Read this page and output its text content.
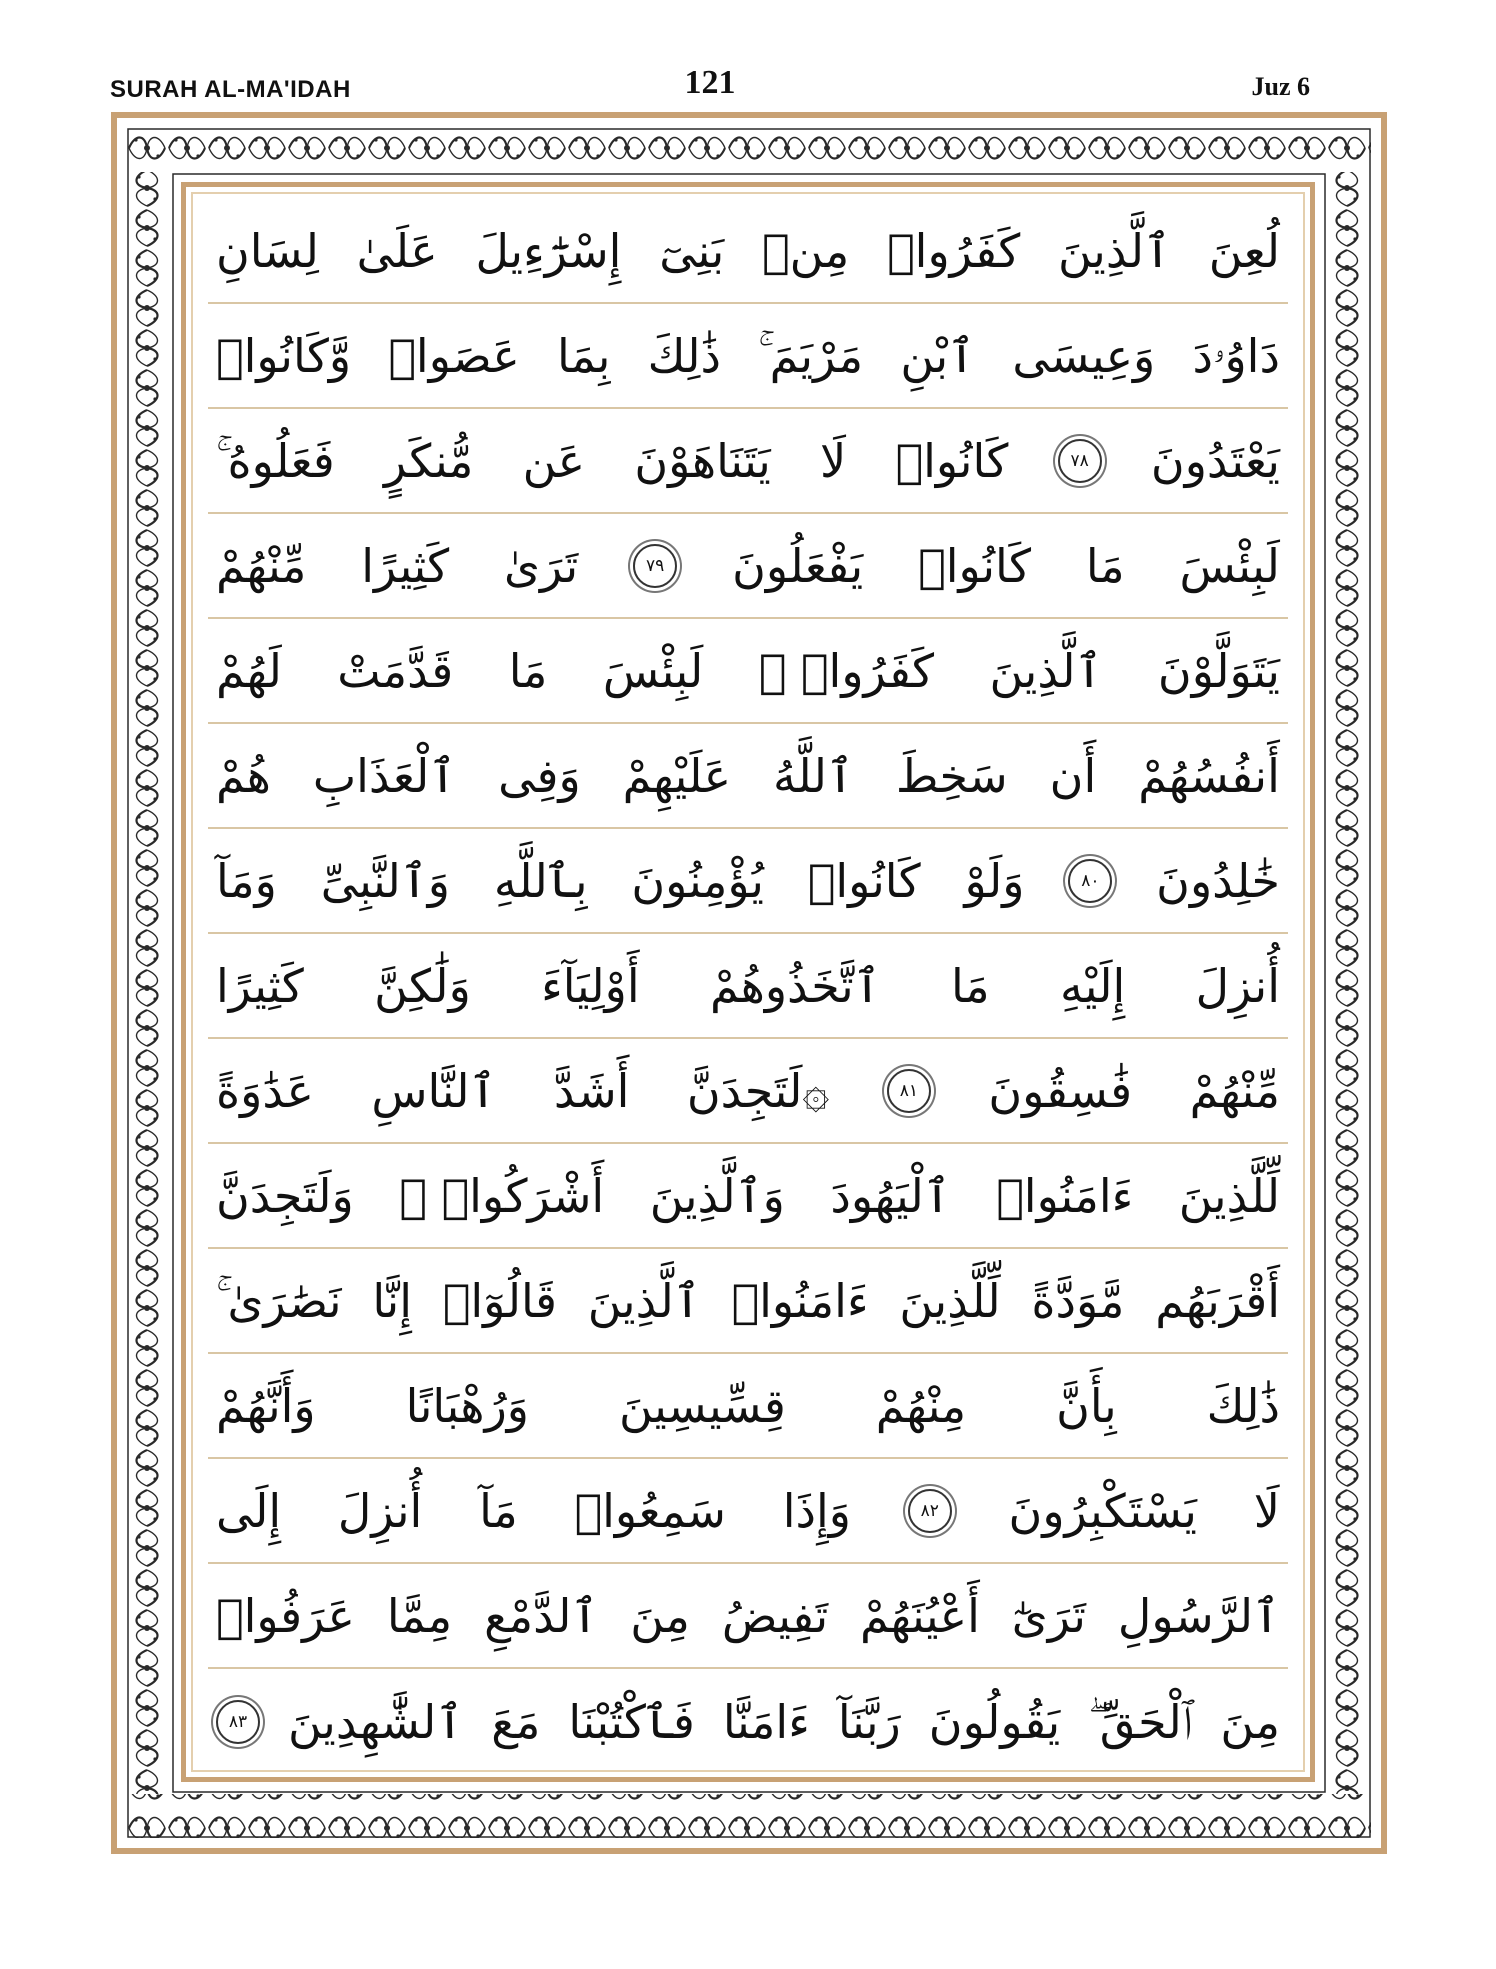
SURAH AL-MA'IDAH	121	Juz 6
لُعِنَ
ٱلَّذِينَ
كَفَرُوا۟
مِنۢ
بَنِىٓ
إِسْرَٰٓءِيلَ
عَلَىٰ
لِسَانِ
دَاوُۥدَ
وَعِيسَى
ٱبْنِ
مَرْيَمَ ۚ
ذَٰلِكَ
بِمَا
عَصَوا۟
وَّكَانُوا۟
يَعْتَدُونَ
٧٨
كَانُوا۟
لَا
يَتَنَاهَوْنَ
عَن
مُّنكَرٍ
فَعَلُوهُ ۚ
لَبِئْسَ
مَا
كَانُوا۟
يَفْعَلُونَ
٧٩
تَرَىٰ
كَثِيرًا
مِّنْهُمْ
يَتَوَلَّوْنَ
ٱلَّذِينَ
كَفَرُوا۟ ۚ
لَبِئْسَ
مَا
قَدَّمَتْ
لَهُمْ
أَنفُسُهُمْ
أَن
سَخِطَ
ٱللَّهُ
عَلَيْهِمْ
وَفِى
ٱلْعَذَابِ
هُمْ
خَٰلِدُونَ
٨٠
وَلَوْ
كَانُوا۟
يُؤْمِنُونَ
بِٱللَّهِ
وَٱلنَّبِىِّ
وَمَآ
أُنزِلَ
إِلَيْهِ
مَا
ٱتَّخَذُوهُمْ
أَوْلِيَآءَ
وَلَٰكِنَّ
كَثِيرًا
مِّنْهُمْ
فَٰسِقُونَ
٨١
۞لَتَجِدَنَّ
أَشَدَّ
ٱلنَّاسِ
عَدَٰوَةً
لِّلَّذِينَ
ءَامَنُوا۟
ٱلْيَهُودَ
وَٱلَّذِينَ
أَشْرَكُوا۟ ۖ
وَلَتَجِدَنَّ
أَقْرَبَهُم
مَّوَدَّةً
لِّلَّذِينَ
ءَامَنُوا۟
ٱلَّذِينَ
قَالُوٓا۟
إِنَّا
نَصَٰرَىٰ ۚ
ذَٰلِكَ
بِأَنَّ
مِنْهُمْ
قِسِّيسِينَ
وَرُهْبَانًا
وَأَنَّهُمْ
لَا
يَسْتَكْبِرُونَ
٨٢
وَإِذَا
سَمِعُوا۟
مَآ
أُنزِلَ
إِلَى
ٱلرَّسُولِ
تَرَىٰٓ
أَعْيُنَهُمْ
تَفِيضُ
مِنَ
ٱلدَّمْعِ
مِمَّا
عَرَفُوا۟
مِنَ
ٱلْحَقِّ ۖ
يَقُولُونَ
رَبَّنَآ
ءَامَنَّا
فَٱكْتُبْنَا
مَعَ
ٱلشَّٰهِدِينَ
٨٣
